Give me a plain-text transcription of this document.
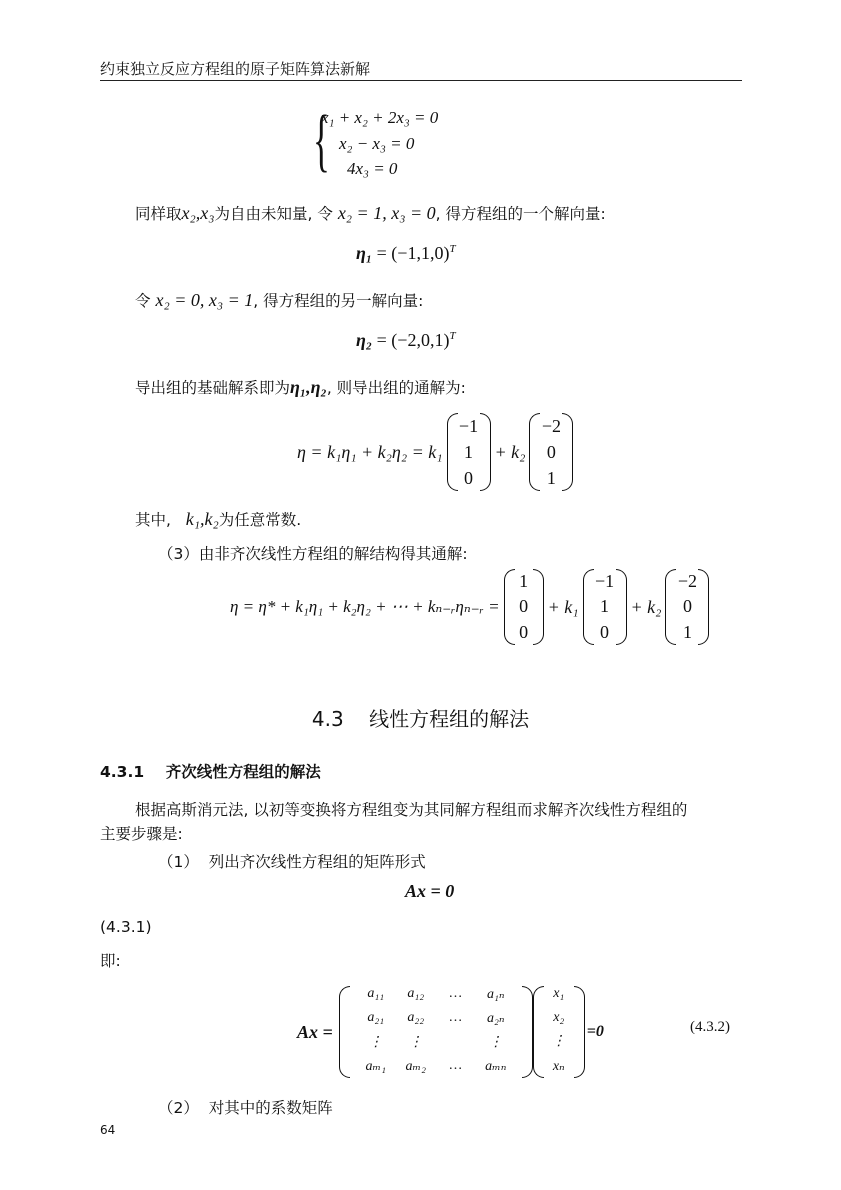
约束独立反应方程组的原子矩阵算法新解
{
x₁ + x₂ + 2x₃ = 0
x₂ − x₃ = 0
4x₃ = 0
同样取x₂,x₃为自由未知量, 令 x₂ = 1, x₃ = 0, 得方程组的一个解向量:
$\eta_1 = (-1,1,0)^T$
令 x₂ = 0, x₃ = 1, 得方程组的另一解向量:
$\eta_2 = (-2,0,1)^T$
导出组的基础解系即为η₁,η₂, 则导出组的通解为:
η = k₁η₁ + k₂η₂ = k₁
−1
1
0
+ k₂
−2
0
1
其中, k₁,k₂为任意常数.
（3）由非齐次线性方程组的解结构得其通解:
η = η* + k₁η₁ + k₂η₂ + ⋯ + kₙ₋ᵣηₙ₋ᵣ =
1
0
0
+ k₁
−1
1
0
+ k₂
−2
0
1
4.3    线性方程组的解法
4.3.1    齐次线性方程组的解法
根据高斯消元法, 以初等变换将方程组变为其同解方程组而求解齐次线性方程组的
主要步骤是:
（1）  列出齐次线性方程组的矩阵形式
Ax = 0
(4.3.1)
即:
Ax =
a₁₁	a₁₂	…	a₁ₙ
a₂₁	a₂₂	…	a₂ₙ
⋮	⋮	⋮
aₘ₁	aₘ₂	…	aₘₙ
x₁
x₂
⋮
xₙ
=0	(4.3.2)
（2）  对其中的系数矩阵
64
